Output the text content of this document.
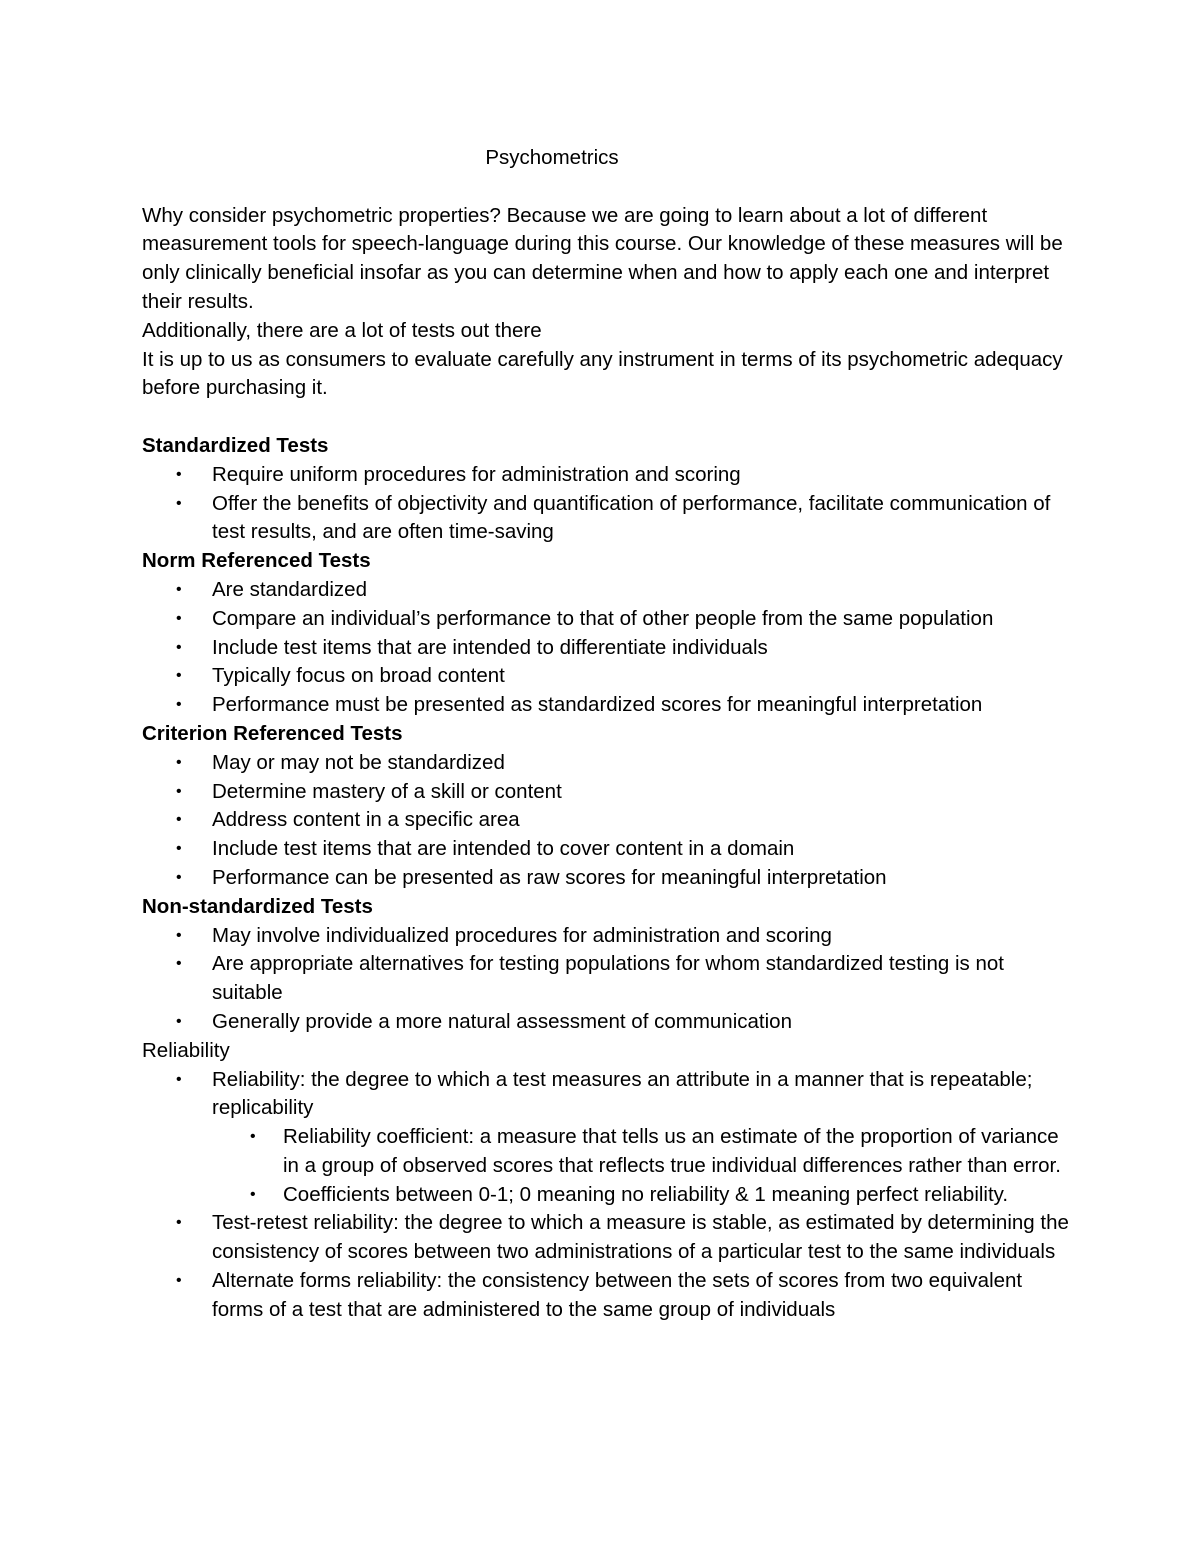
Psychometrics

Why consider psychometric properties? Because we are going to learn about a lot of different measurement tools for speech-language during this course. Our knowledge of these measures will be only clinically beneficial insofar as you can determine when and how to apply each one and interpret their results.

Additionally, there are a lot of tests out there

It is up to us as consumers to evaluate carefully any instrument in terms of its psychometric adequacy before purchasing it.

Standardized Tests

• Require uniform procedures for administration and scoring
• Offer the benefits of objectivity and quantification of performance, facilitate communication of test results, and are often time-saving

Norm Referenced Tests

• Are standardized
• Compare an individual’s performance to that of other people from the same population
• Include test items that are intended to differentiate individuals
• Typically focus on broad content
• Performance must be presented as standardized scores for meaningful interpretation

Criterion Referenced Tests

• May or may not be standardized
• Determine mastery of a skill or content
• Address content in a specific area
• Include test items that are intended to cover content in a domain
• Performance can be presented as raw scores for meaningful interpretation

Non-standardized Tests

• May involve individualized procedures for administration and scoring
• Are appropriate alternatives for testing populations for whom standardized testing is not suitable
• Generally provide a more natural assessment of communication

Reliability

• Reliability: the degree to which a test measures an attribute in a manner that is repeatable; replicability
• Reliability coefficient: a measure that tells us an estimate of the proportion of variance in a group of observed scores that reflects true individual differences rather than error.
• Coefficients between 0-1; 0 meaning no reliability & 1 meaning perfect reliability.
• Test-retest reliability: the degree to which a measure is stable, as estimated by determining the consistency of scores between two administrations of a particular test to the same individuals
• Alternate forms reliability: the consistency between the sets of scores from two equivalent forms of a test that are administered to the same group of individuals
